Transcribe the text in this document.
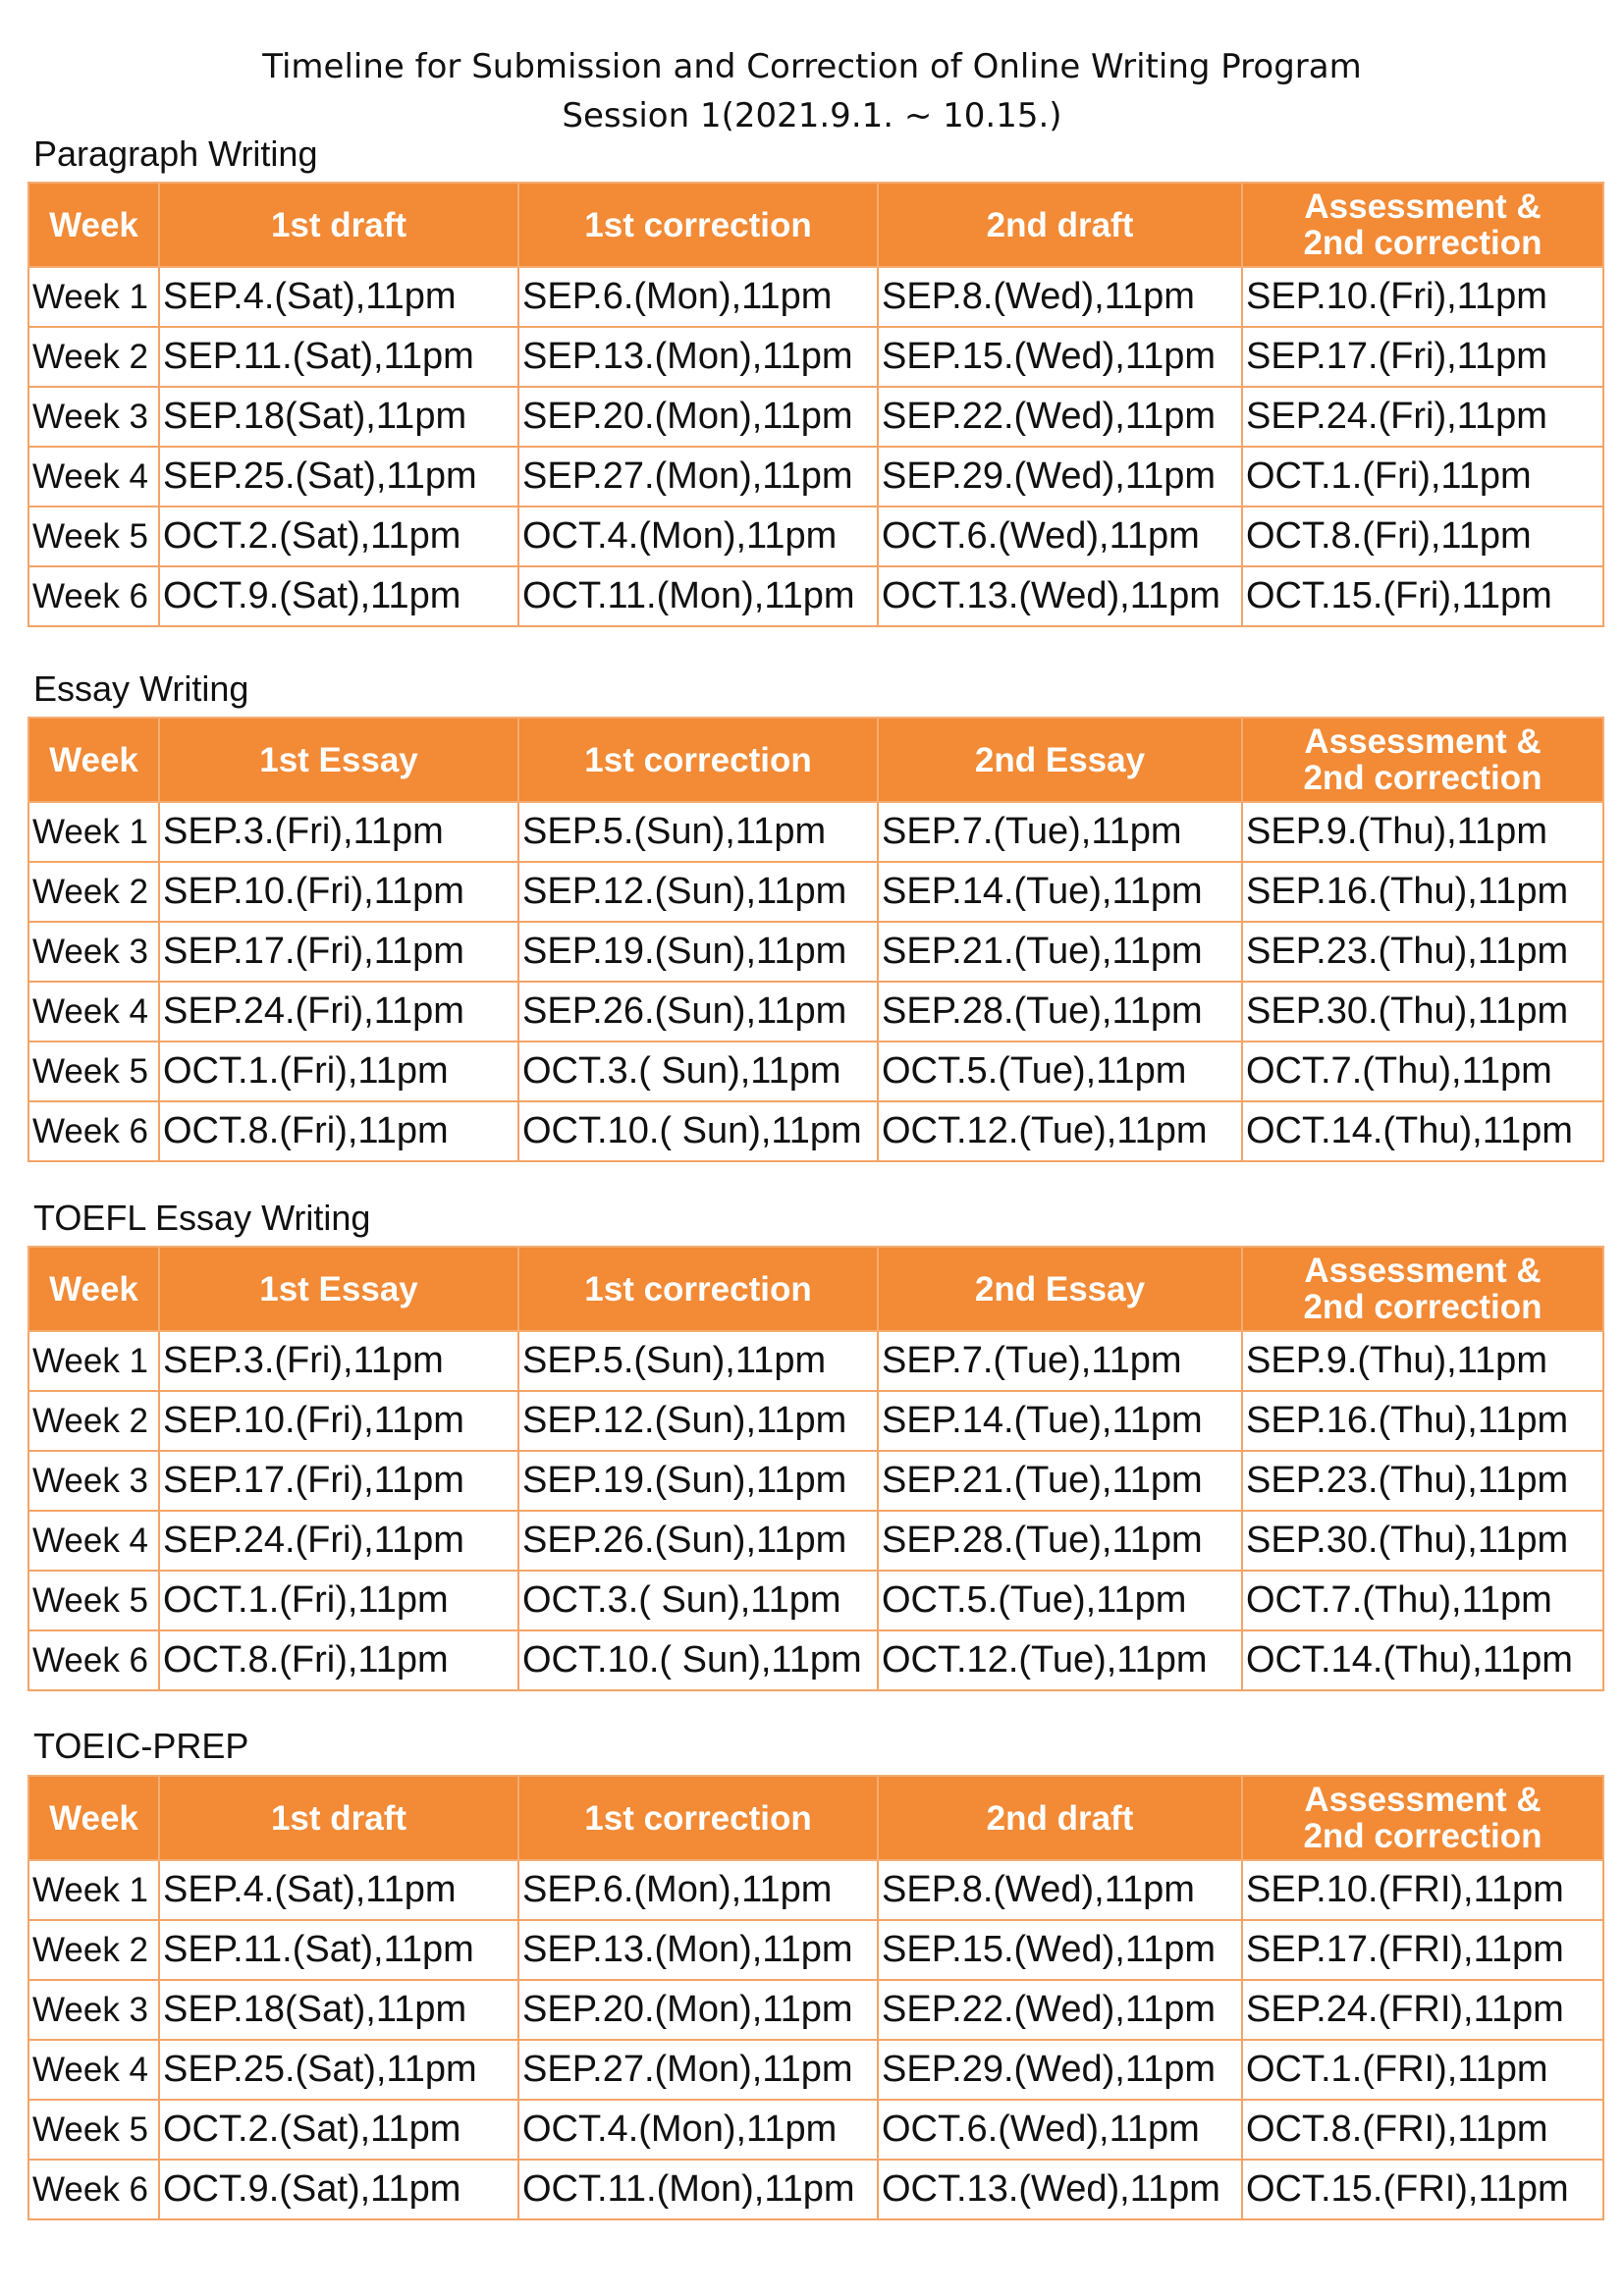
Timeline for Submission and Correction of Online Writing Program
Session 1(2021.9.1. ~ 10.15.)
Paragraph Writing
Week	1st draft	1st correction	2nd draft	Assessment &
2nd correction
Week 1	SEP.4.(Sat),11pm	SEP.6.(Mon),11pm	SEP.8.(Wed),11pm	SEP.10.(Fri),11pm
Week 2	SEP.11.(Sat),11pm	SEP.13.(Mon),11pm	SEP.15.(Wed),11pm	SEP.17.(Fri),11pm
Week 3	SEP.18(Sat),11pm	SEP.20.(Mon),11pm	SEP.22.(Wed),11pm	SEP.24.(Fri),11pm
Week 4	SEP.25.(Sat),11pm	SEP.27.(Mon),11pm	SEP.29.(Wed),11pm	OCT.1.(Fri),11pm
Week 5	OCT.2.(Sat),11pm	OCT.4.(Mon),11pm	OCT.6.(Wed),11pm	OCT.8.(Fri),11pm
Week 6	OCT.9.(Sat),11pm	OCT.11.(Mon),11pm	OCT.13.(Wed),11pm	OCT.15.(Fri),11pm
Essay Writing
Week	1st Essay	1st correction	2nd Essay	Assessment &
2nd correction
Week 1	SEP.3.(Fri),11pm	SEP.5.(Sun),11pm	SEP.7.(Tue),11pm	SEP.9.(Thu),11pm
Week 2	SEP.10.(Fri),11pm	SEP.12.(Sun),11pm	SEP.14.(Tue),11pm	SEP.16.(Thu),11pm
Week 3	SEP.17.(Fri),11pm	SEP.19.(Sun),11pm	SEP.21.(Tue),11pm	SEP.23.(Thu),11pm
Week 4	SEP.24.(Fri),11pm	SEP.26.(Sun),11pm	SEP.28.(Tue),11pm	SEP.30.(Thu),11pm
Week 5	OCT.1.(Fri),11pm	OCT.3.( Sun),11pm	OCT.5.(Tue),11pm	OCT.7.(Thu),11pm
Week 6	OCT.8.(Fri),11pm	OCT.10.( Sun),11pm	OCT.12.(Tue),11pm	OCT.14.(Thu),11pm
TOEFL Essay Writing
Week	1st Essay	1st correction	2nd Essay	Assessment &
2nd correction
Week 1	SEP.3.(Fri),11pm	SEP.5.(Sun),11pm	SEP.7.(Tue),11pm	SEP.9.(Thu),11pm
Week 2	SEP.10.(Fri),11pm	SEP.12.(Sun),11pm	SEP.14.(Tue),11pm	SEP.16.(Thu),11pm
Week 3	SEP.17.(Fri),11pm	SEP.19.(Sun),11pm	SEP.21.(Tue),11pm	SEP.23.(Thu),11pm
Week 4	SEP.24.(Fri),11pm	SEP.26.(Sun),11pm	SEP.28.(Tue),11pm	SEP.30.(Thu),11pm
Week 5	OCT.1.(Fri),11pm	OCT.3.( Sun),11pm	OCT.5.(Tue),11pm	OCT.7.(Thu),11pm
Week 6	OCT.8.(Fri),11pm	OCT.10.( Sun),11pm	OCT.12.(Tue),11pm	OCT.14.(Thu),11pm
TOEIC-PREP
Week	1st draft	1st correction	2nd draft	Assessment &
2nd correction
Week 1	SEP.4.(Sat),11pm	SEP.6.(Mon),11pm	SEP.8.(Wed),11pm	SEP.10.(FRI),11pm
Week 2	SEP.11.(Sat),11pm	SEP.13.(Mon),11pm	SEP.15.(Wed),11pm	SEP.17.(FRI),11pm
Week 3	SEP.18(Sat),11pm	SEP.20.(Mon),11pm	SEP.22.(Wed),11pm	SEP.24.(FRI),11pm
Week 4	SEP.25.(Sat),11pm	SEP.27.(Mon),11pm	SEP.29.(Wed),11pm	OCT.1.(FRI),11pm
Week 5	OCT.2.(Sat),11pm	OCT.4.(Mon),11pm	OCT.6.(Wed),11pm	OCT.8.(FRI),11pm
Week 6	OCT.9.(Sat),11pm	OCT.11.(Mon),11pm	OCT.13.(Wed),11pm	OCT.15.(FRI),11pm
